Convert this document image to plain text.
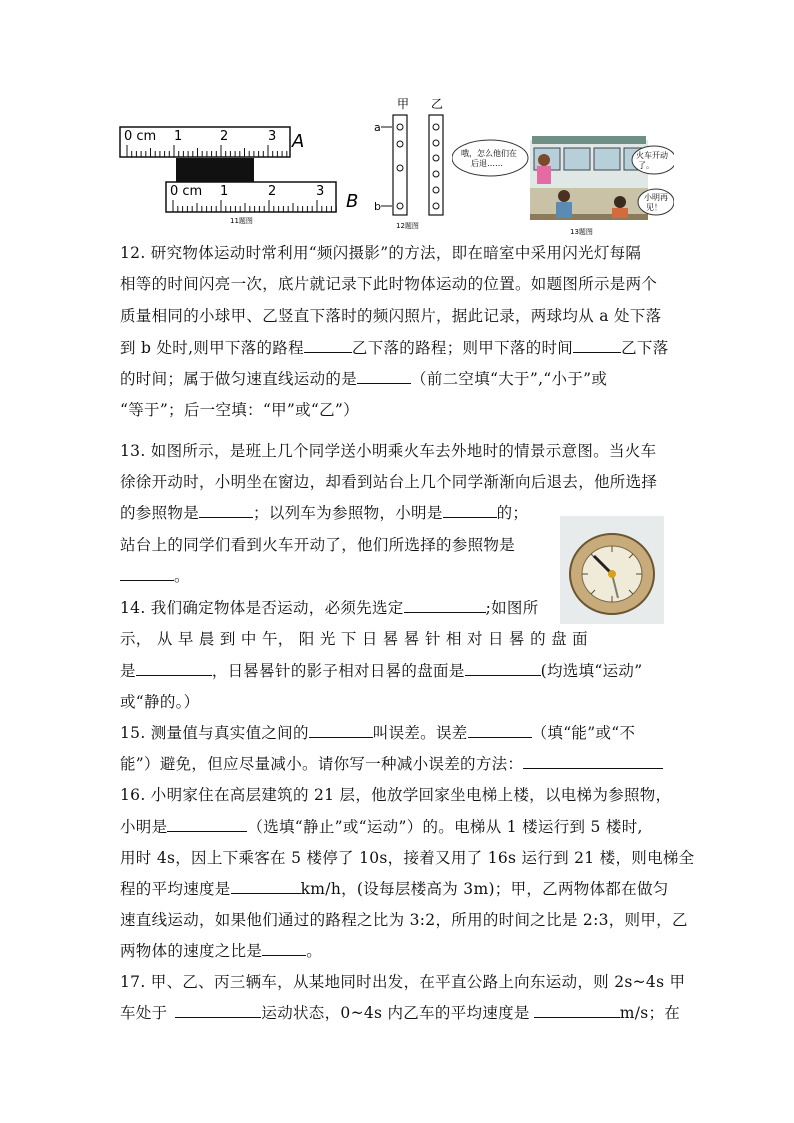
0 cm 1	2	3 A
0 cm 1	2	3 B
11题图
甲 乙
a
b
12题图
哦，怎么他们在
后退……
火车开动
了。
小明再
见！
13题图
12. 研究物体运动时常利用“频闪摄影”的方法，即在暗室中采用闪光灯每隔
相等的时间闪亮一次，底片就记录下此时物体运动的位置。如题图所示是两个
质量相同的小球甲、乙竖直下落时的频闪照片，据此记录，两球均从 a 处下落
到 b 处时,则甲下落的路程	乙下落的路程；则甲下落的时间	乙下落
的时间；属于做匀速直线运动的是	（前二空填“大于”,“小于”或
“等于”；后一空填：“甲”或“乙”）
13. 如图所示，是班上几个同学送小明乘火车去外地时的情景示意图。当火车
徐徐开动时，小明坐在窗边，却看到站台上几个同学渐渐向后退去，他所选择
的参照物是	；以列车为参照物，小明是	的；
站台上的同学们看到火车开动了，他们所选择的参照物是
。
14. 我们确定物体是否运动，必须先选定	;如图所
示， 从 早 晨 到 中 午， 阳 光 下 日 晷 晷 针 相 对 日 晷 的 盘 面
是	，日晷晷针的影子相对日晷的盘面是	(均选填“运动”
或“静的。）
15. 测量值与真实值之间的	叫误差。误差	（填“能”或“不
能”）避免，但应尽量减小。请你写一种减小误差的方法：
16. 小明家住在高层建筑的 21 层，他放学回家坐电梯上楼，以电梯为参照物，
小明是	（选填“静止”或“运动”）的。电梯从 1 楼运行到 5 楼时,
用时 4s，因上下乘客在 5 楼停了 10s，接着又用了 16s 运行到 21 楼，则电梯全
程的平均速度是	km/h，(设每层楼高为 3m)；甲，乙两物体都在做匀
速直线运动，如果他们通过的路程之比为 3:2，所用的时间之比是 2:3，则甲，乙
两物体的速度之比是	。
17. 甲、乙、丙三辆车，从某地同时出发，在平直公路上向东运动，则 2s~4s 甲
车处于	运动状态，0~4s 内乙车的平均速度是	m/s；在
